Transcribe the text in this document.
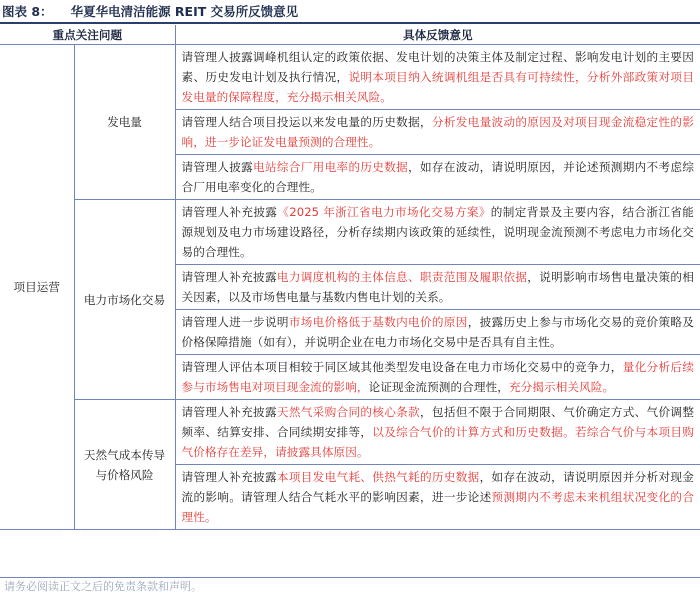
图表 8： 华夏华电清洁能源 REIT 交易所反馈意见
重点关注问题		具体反馈意见
项目运营	发电量	请管理人披露调峰机组认定的政策依据、发电计划的决策主体及制定过程、影响发电计划的主要因素、历史发电计划及执行情况，说明本项目纳入统调机组是否具有可持续性，分析外部政策对项目发电量的保障程度，充分揭示相关风险。
		请管理人结合项目投运以来发电量的历史数据，分析发电量波动的原因及对项目现金流稳定性的影响，进一步论证发电量预测的合理性。
		请管理人披露电站综合厂用电率的历史数据，如存在波动，请说明原因，并论述预测期内不考虑综合厂用电率变化的合理性。
	电力市场化交易	请管理人补充披露《2025 年浙江省电力市场化交易方案》的制定背景及主要内容，结合浙江省能源规划及电力市场建设路径，分析存续期内该政策的延续性，说明现金流预测不考虑电力市场化交易的合理性。
		请管理人补充披露电力调度机构的主体信息、职责范围及履职依据，说明影响市场售电量决策的相关因素，以及市场售电量与基数内售电计划的关系。
		请管理人进一步说明市场电价格低于基数内电价的原因，披露历史上参与市场化交易的竞价策略及价格保障措施（如有），并说明企业在电力市场化交易中是否具有自主性。
		请管理人评估本项目相较于同区域其他类型发电设备在电力市场化交易中的竞争力，量化分析后续参与市场售电对项目现金流的影响，论证现金流预测的合理性，充分揭示相关风险。
	天然气成本传导与价格风险	请管理人补充披露天然气采购合同的核心条款，包括但不限于合同期限、气价确定方式、气价调整频率、结算安排、合同续期安排等，以及综合气价的计算方式和历史数据。若综合气价与本项目购气价格存在差异，请披露具体原因。
		请管理人补充披露本项目发电气耗、供热气耗的历史数据，如存在波动，请说明原因并分析对现金流的影响。请管理人结合气耗水平的影响因素，进一步论述预测期内不考虑未来机组状况变化的合理性。
请务必阅读正文之后的免责条款和声明。
